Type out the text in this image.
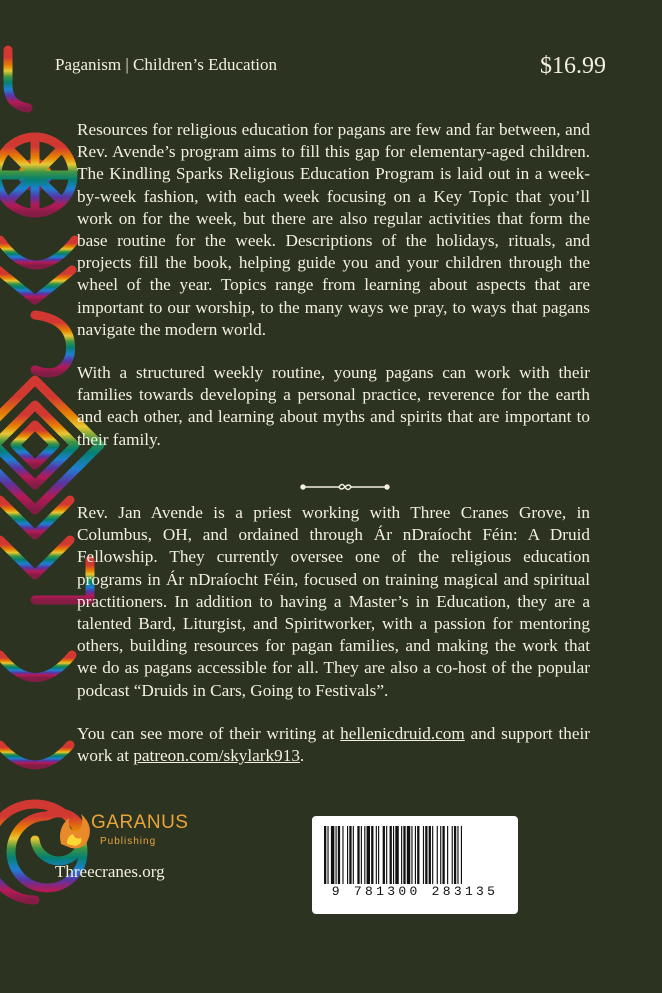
Paganism | Children’s Education	$16.99

Resources for religious education for pagans are few and far between, and Rev. Avende’s program aims to fill this gap for elementary-aged children. The Kindling Sparks Religious Education Program is laid out in a week-by-week fashion, with each week focusing on a Key Topic that you’ll work on for the week, but there are also regular activities that form the base routine for the week. Descriptions of the holidays, rituals, and projects fill the book, helping guide you and your children through the wheel of the year. Topics range from learning about aspects that are important to our worship, to the many ways we pray, to ways that pagans navigate the modern world.

With a structured weekly routine, young pagans can work with their families towards developing a personal practice, reverence for the earth and each other, and learning about myths and spirits that are important to their family.

Rev. Jan Avende is a priest working with Three Cranes Grove, in Columbus, OH, and ordained through Ár nDraíocht Féin: A Druid Fellowship. They currently oversee one of the religious education programs in Ár nDraíocht Féin, focused on training magical and spiritual practitioners. In addition to having a Master’s in Education, they are a talented Bard, Liturgist, and Spiritworker, with a passion for mentoring others, building resources for pagan families, and making the work that we do as pagans accessible for all. They are also a co-host of the popular podcast “Druids in Cars, Going to Festivals”.

You can see more of their writing at hellenicdruid.com and support their work at patreon.com/skylark913.

GARANUS
Publishing
Threecranes.org
9 781300 283135
